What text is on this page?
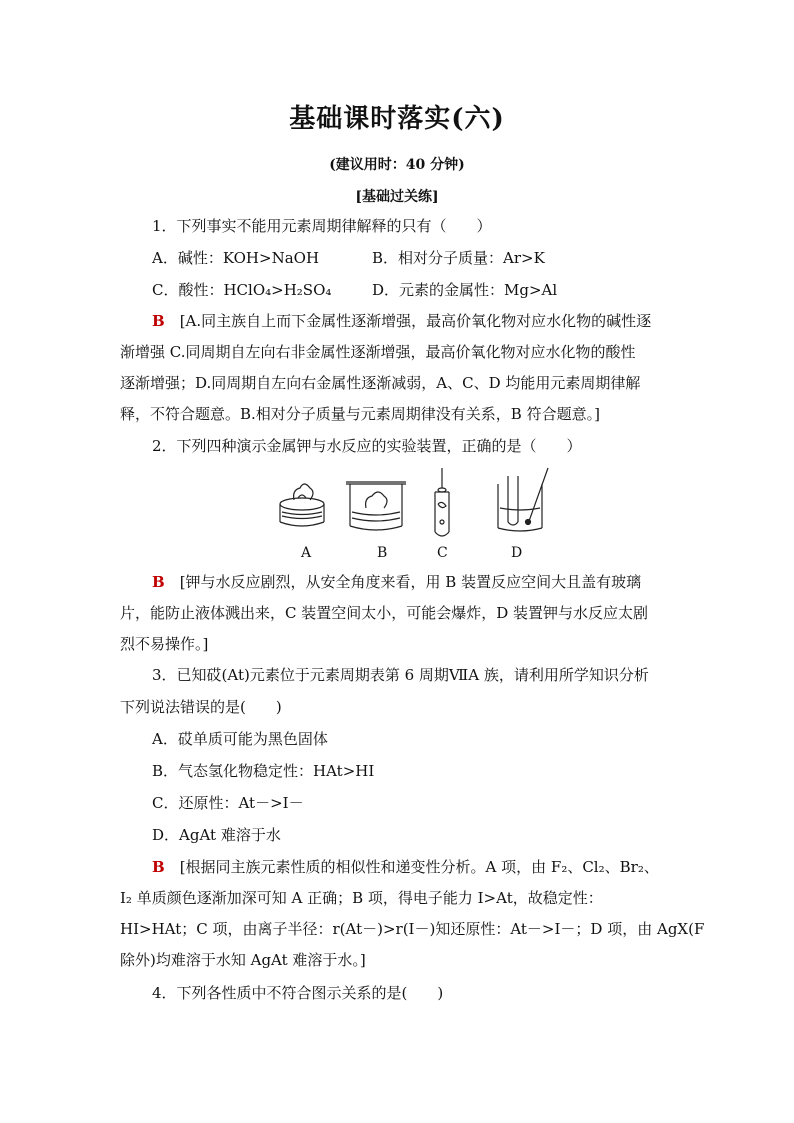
基础课时落实(六)
(建议用时：40 分钟)
[基础过关练]
1．下列事实不能用元素周期律解释的只有（　　）
A．碱性：KOH>NaOH	B．相对分子质量：Ar>K
C．酸性：HClO₄>H₂SO₄	D．元素的金属性：Mg>Al
B  [A.同主族自上而下金属性逐渐增强，最高价氧化物对应水化物的碱性逐
渐增强 C.同周期自左向右非金属性逐渐增强，最高价氧化物对应水化物的酸性
逐渐增强；D.同周期自左向右金属性逐渐减弱，A、C、D 均能用元素周期律解
释，不符合题意。B.相对分子质量与元素周期律没有关系，B 符合题意。]
2．下列四种演示金属钾与水反应的实验装置，正确的是（　　）
A	B	C	D
B  [钾与水反应剧烈，从安全角度来看，用 B 装置反应空间大且盖有玻璃
片，能防止液体溅出来，C 装置空间太小，可能会爆炸，D 装置钾与水反应太剧
烈不易操作。]
3．已知砹(At)元素位于元素周期表第 6 周期ⅦA 族，请利用所学知识分析
下列说法错误的是(　　)
A．砹单质可能为黑色固体
B．气态氢化物稳定性：HAt>HI
C．还原性：At－>I－
D．AgAt 难溶于水
B  [根据同主族元素性质的相似性和递变性分析。A 项，由 F₂、Cl₂、Br₂、
I₂ 单质颜色逐渐加深可知 A 正确；B 项，得电子能力 I>At，故稳定性：
HI>HAt；C 项，由离子半径：r(At－)>r(I－)知还原性：At－>I－；D 项，由 AgX(F
除外)均难溶于水知 AgAt 难溶于水。]
4．下列各性质中不符合图示关系的是(　　)
